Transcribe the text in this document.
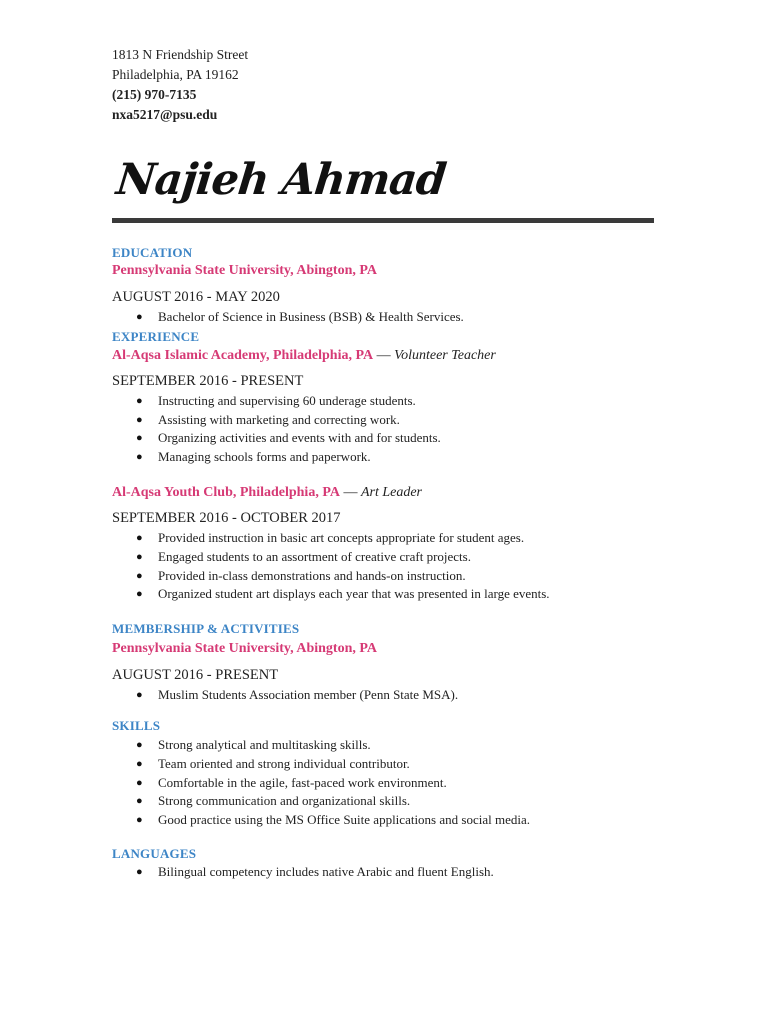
1813 N Friendship Street

Philadelphia, PA 19162

(215) 970-7135

nxa5217@psu.edu

Najieh Ahmad

EDUCATION

Pennsylvania State University, Abington, PA

AUGUST 2016 - MAY 2020

● Bachelor of Science in Business (BSB) & Health Services.

EXPERIENCE

Al-Aqsa Islamic Academy, Philadelphia, PA — Volunteer Teacher

SEPTEMBER 2016 - PRESENT

● Instructing and supervising 60 underage students.
● Assisting with marketing and correcting work.
● Organizing activities and events with and for students.
● Managing schools forms and paperwork.

Al-Aqsa Youth Club, Philadelphia, PA — Art Leader

SEPTEMBER 2016 - OCTOBER 2017

● Provided instruction in basic art concepts appropriate for student ages.
● Engaged students to an assortment of creative craft projects.
● Provided in-class demonstrations and hands-on instruction.
● Organized student art displays each year that was presented in large events.

MEMBERSHIP & ACTIVITIES

Pennsylvania State University, Abington, PA

AUGUST 2016 - PRESENT

● Muslim Students Association member (Penn State MSA).

SKILLS

● Strong analytical and multitasking skills.
● Team oriented and strong individual contributor.
● Comfortable in the agile, fast-paced work environment.
● Strong communication and organizational skills.
● Good practice using the MS Office Suite applications and social media.

LANGUAGES

● Bilingual competency includes native Arabic and fluent English.
